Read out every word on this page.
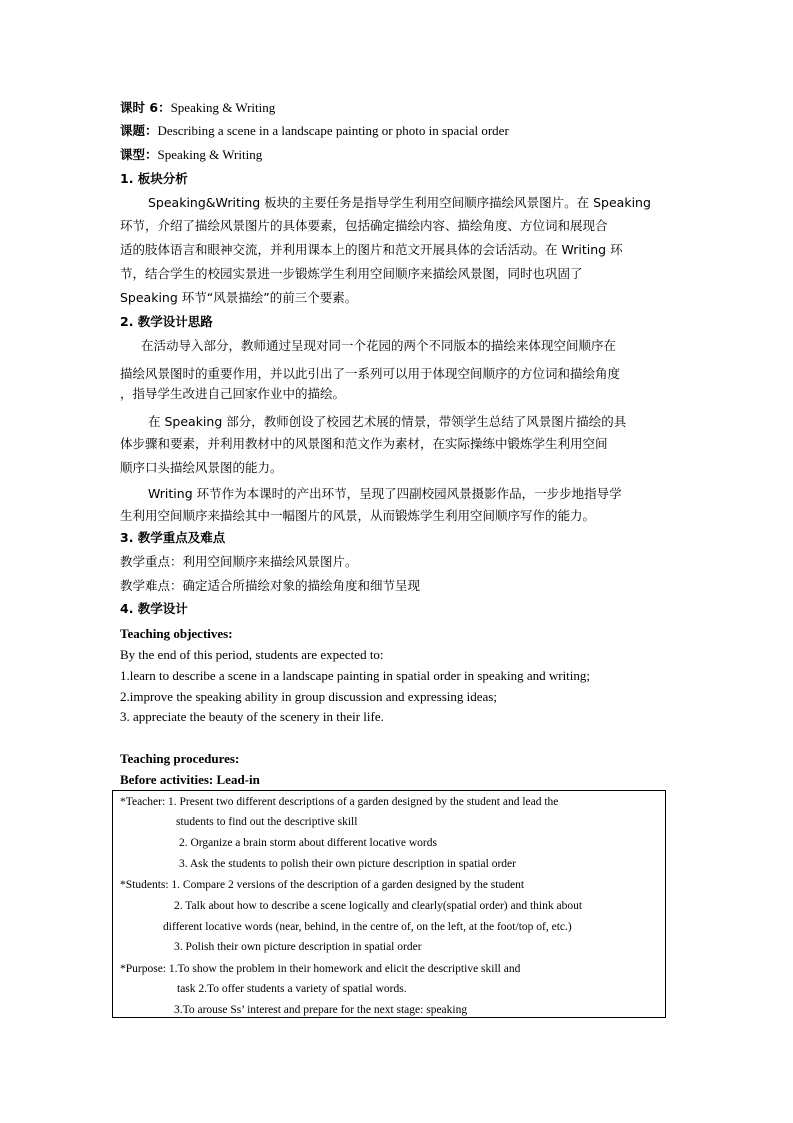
课时 6：Speaking & Writing
课题：Describing a scene in a landscape painting or photo in spacial order
课型：Speaking & Writing
1. 板块分析
Speaking&Writing 板块的主要任务是指导学生利用空间顺序描绘风景图片。在 Speaking
环节，介绍了描绘风景图片的具体要素，包括确定描绘内容、描绘角度、方位词和展现合
适的肢体语言和眼神交流，并利用课本上的图片和范文开展具体的会话活动。在 Writing 环
节，结合学生的校园实景进一步锻炼学生利用空间顺序来描绘风景图，同时也巩固了
Speaking 环节“风景描绘”的前三个要素。
2. 教学设计思路
在活动导入部分，教师通过呈现对同一个花园的两个不同版本的描绘来体现空间顺序在
描绘风景图时的重要作用，并以此引出了一系列可以用于体现空间顺序的方位词和描绘角度
，指导学生改进自己回家作业中的描绘。
在 Speaking 部分，教师创设了校园艺术展的情景，带领学生总结了风景图片描绘的具
体步骤和要素，并利用教材中的风景图和范文作为素材，在实际操练中锻炼学生利用空间
顺序口头描绘风景图的能力。
Writing 环节作为本课时的产出环节，呈现了四副校园风景摄影作品，一步步地指导学
生利用空间顺序来描绘其中一幅图片的风景，从而锻炼学生利用空间顺序写作的能力。
3. 教学重点及难点
教学重点：利用空间顺序来描绘风景图片。
教学难点：确定适合所描绘对象的描绘角度和细节呈现
4. 教学设计
Teaching objectives:
By the end of this period, students are expected to:
1.learn to describe a scene in a landscape painting in spatial order in speaking and writing;
2.improve the speaking ability in group discussion and expressing ideas;
3. appreciate the beauty of the scenery in their life.
Teaching procedures:
Before activities: Lead-in
*Teacher: 1. Present two different descriptions of a garden designed by the student and lead the
students to find out the descriptive skill
2. Organize a brain storm about different locative words
3. Ask the students to polish their own picture description in spatial order
*Students: 1. Compare 2 versions of the description of a garden designed by the student
2. Talk about how to describe a scene logically and clearly(spatial order) and think about
different locative words (near, behind, in the centre of, on the left, at the foot/top of, etc.)
3. Polish their own picture description in spatial order
*Purpose: 1.To show the problem in their homework and elicit the descriptive skill and
task 2.To offer students a variety of spatial words.
3.To arouse Ss’ interest and prepare for the next stage: speaking
